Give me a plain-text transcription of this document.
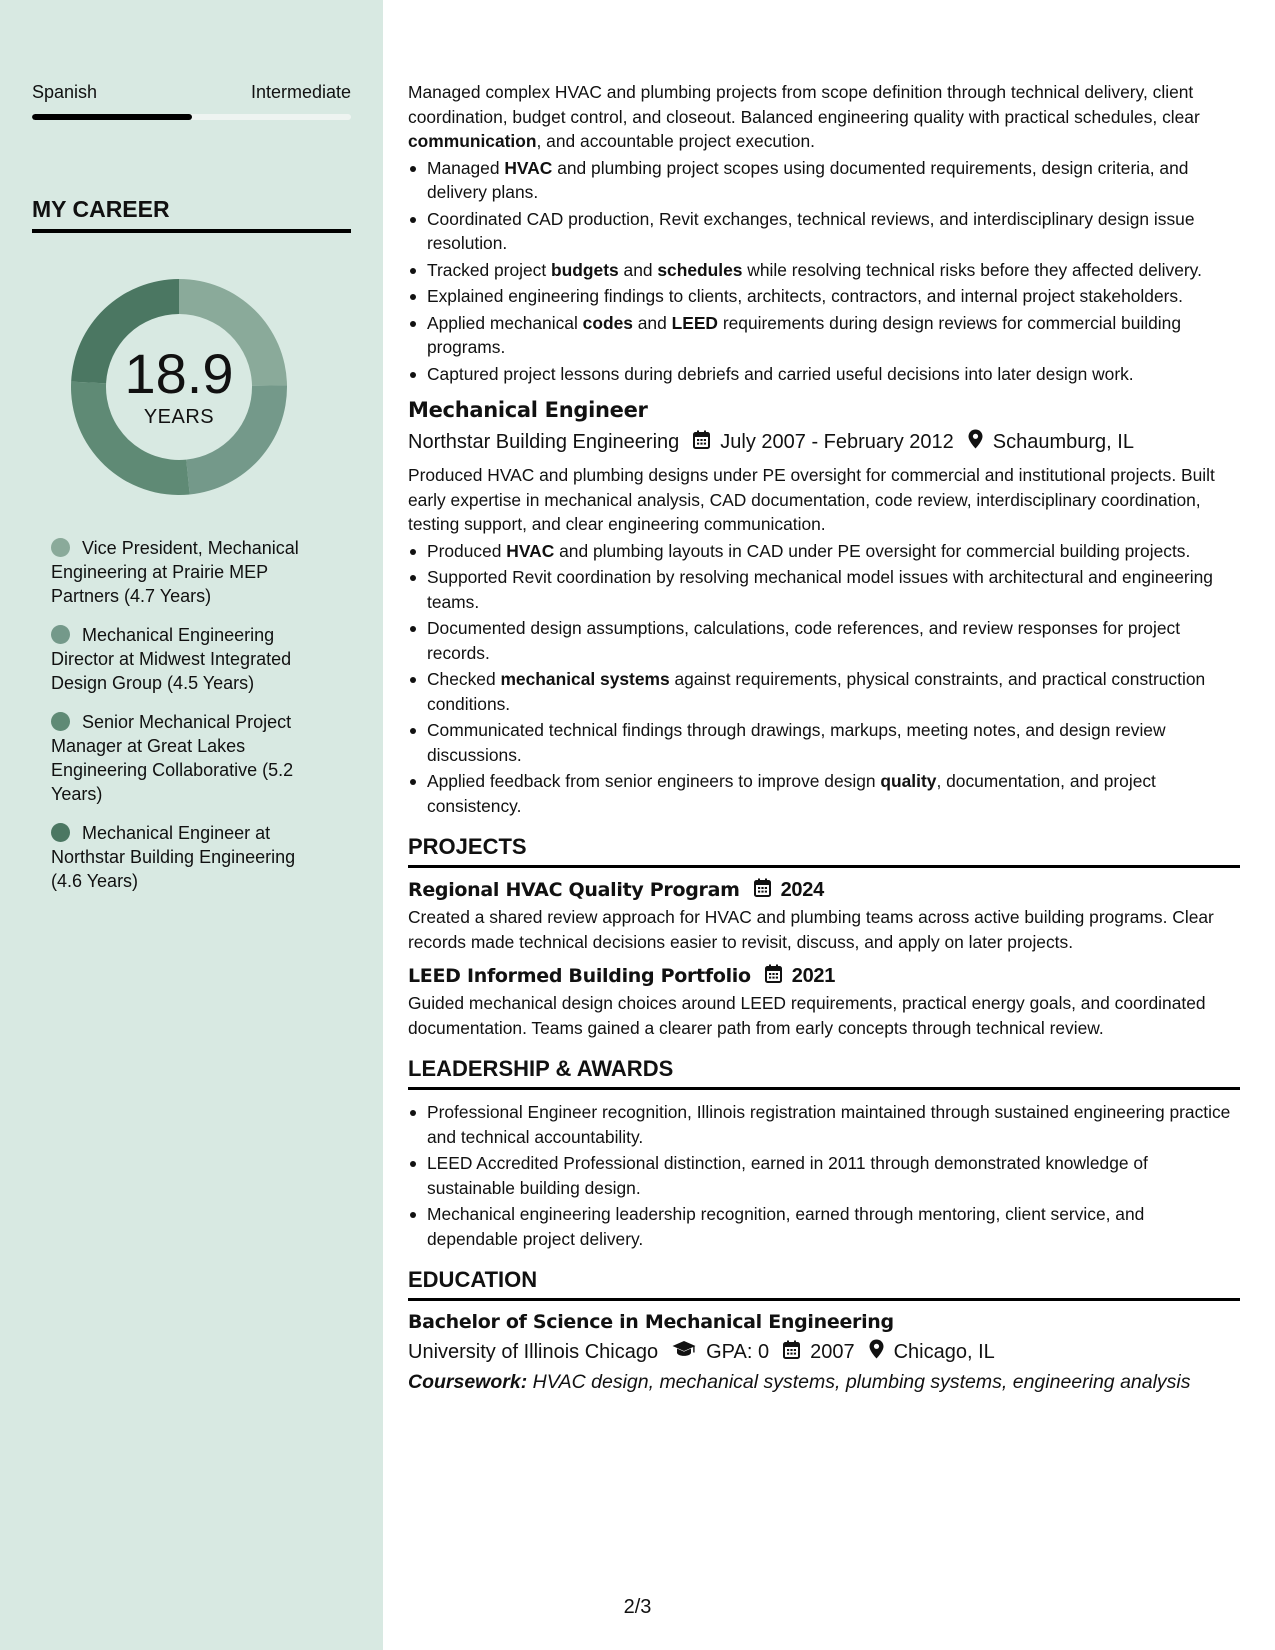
Spanish	Intermediate
MY CAREER
18.9
YEARS
Vice President, Mechanical Engineering at Prairie MEP Partners (4.7 Years)
Mechanical Engineering Director at Midwest Integrated Design Group (4.5 Years)
Senior Mechanical Project Manager at Great Lakes Engineering Collaborative (5.2 Years)
Mechanical Engineer at Northstar Building Engineering (4.6 Years)

Managed complex HVAC and plumbing projects from scope definition through technical delivery, client coordination, budget control, and closeout. Balanced engineering quality with practical schedules, clear communication, and accountable project execution.

Managed HVAC and plumbing project scopes using documented requirements, design criteria, and delivery plans.
Coordinated CAD production, Revit exchanges, technical reviews, and interdisciplinary design issue resolution.
Tracked project budgets and schedules while resolving technical risks before they affected delivery.
Explained engineering findings to clients, architects, contractors, and internal project stakeholders.
Applied mechanical codes and LEED requirements during design reviews for commercial building programs.
Captured project lessons during debriefs and carried useful decisions into later design work.
Mechanical Engineer
Northstar Building Engineering July 2007 - February 2012 Schaumburg, IL

Produced HVAC and plumbing designs under PE oversight for commercial and institutional projects. Built early expertise in mechanical analysis, CAD documentation, code review, interdisciplinary coordination, testing support, and clear engineering communication.

Produced HVAC and plumbing layouts in CAD under PE oversight for commercial building projects.
Supported Revit coordination by resolving mechanical model issues with architectural and engineering teams.
Documented design assumptions, calculations, code references, and review responses for project records.
Checked mechanical systems against requirements, physical constraints, and practical construction conditions.
Communicated technical findings through drawings, markups, meeting notes, and design review discussions.
Applied feedback from senior engineers to improve design quality, documentation, and project consistency.
PROJECTS
Regional HVAC Quality Program 2024

Created a shared review approach for HVAC and plumbing teams across active building programs. Clear records made technical decisions easier to revisit, discuss, and apply on later projects.

LEED Informed Building Portfolio 2021

Guided mechanical design choices around LEED requirements, practical energy goals, and coordinated documentation. Teams gained a clearer path from early concepts through technical review.

LEADERSHIP & AWARDS
Professional Engineer recognition, Illinois registration maintained through sustained engineering practice and technical accountability.
LEED Accredited Professional distinction, earned in 2011 through demonstrated knowledge of sustainable building design.
Mechanical engineering leadership recognition, earned through mentoring, client service, and dependable project delivery.
EDUCATION
Bachelor of Science in Mechanical Engineering
University of Illinois Chicago GPA: 0 2007 Chicago, IL
Coursework: HVAC design, mechanical systems, plumbing systems, engineering analysis
2/3
